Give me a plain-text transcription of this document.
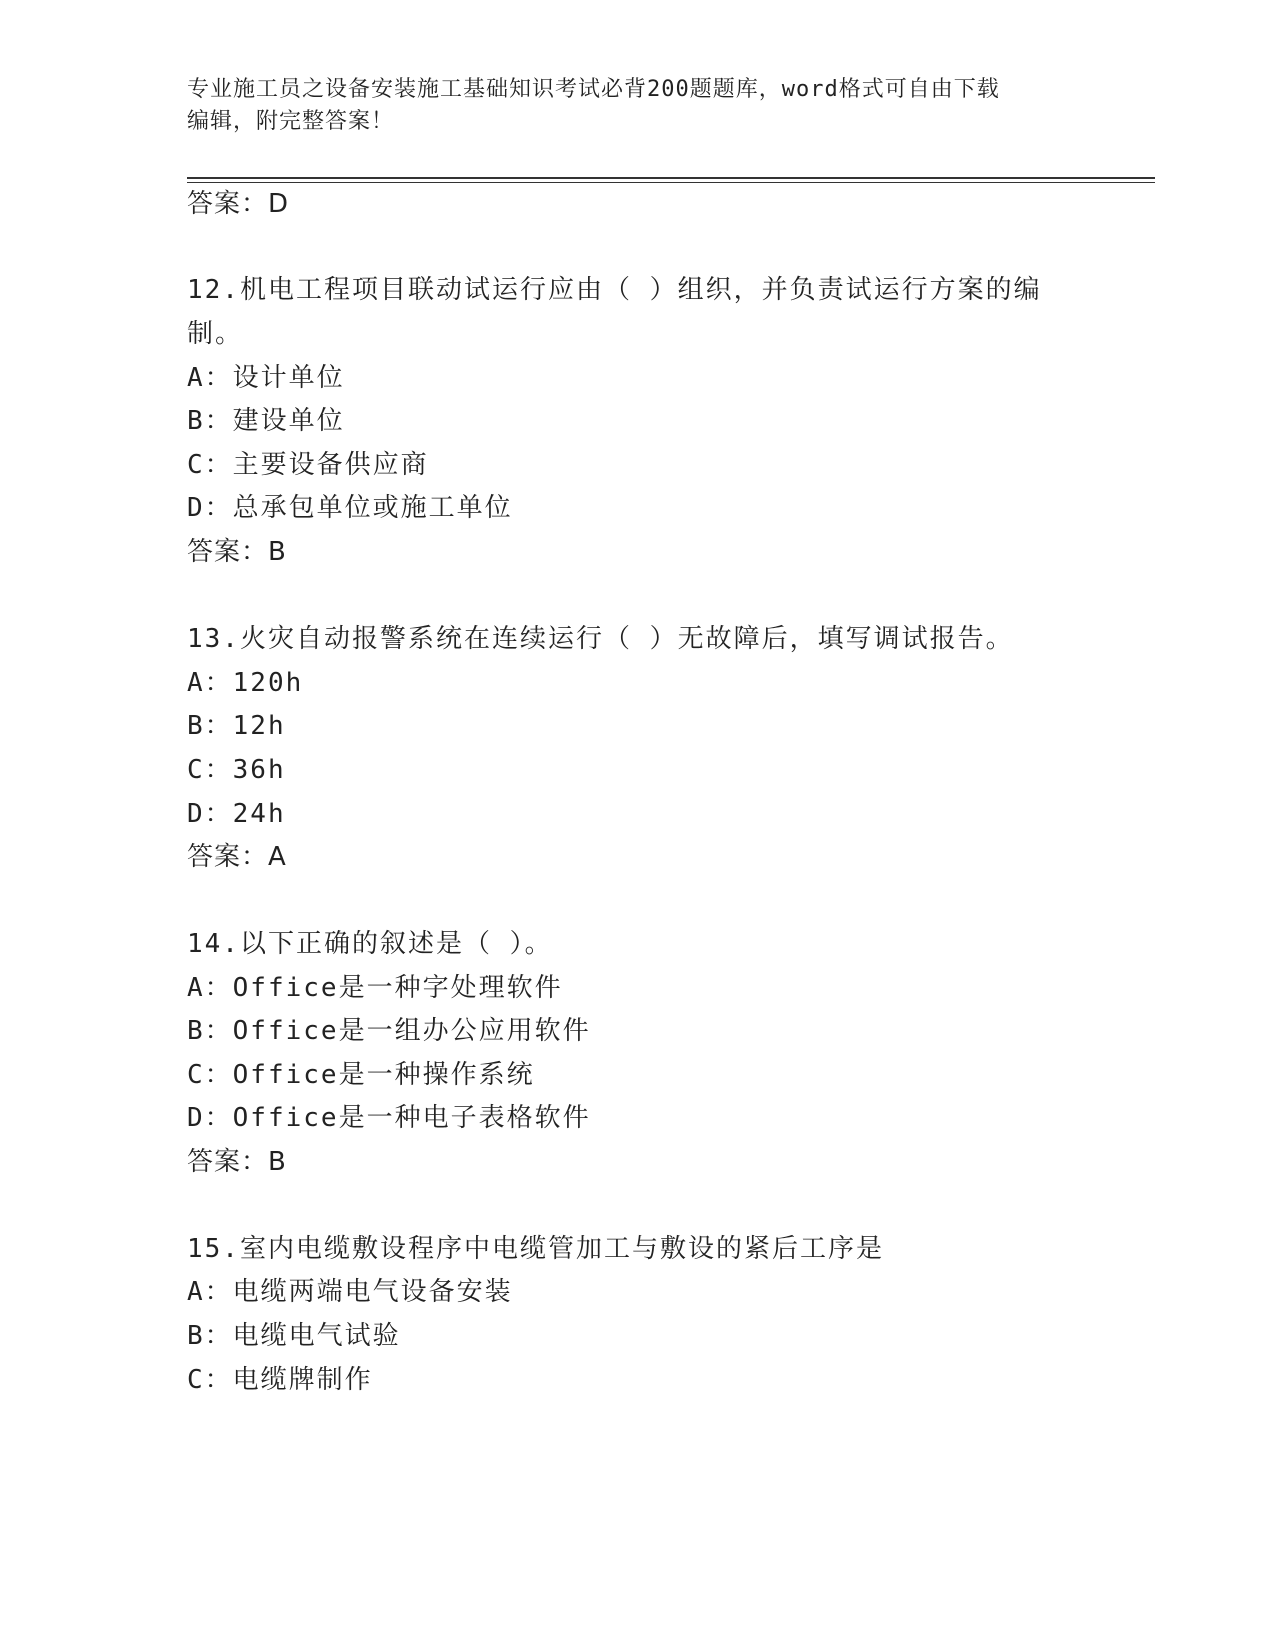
专业施工员之设备安装施工基础知识考试必背200题题库，word格式可自由下载
编辑，附完整答案！
答案：D
12.机电工程项目联动试运行应由（ ）组织，并负责试运行方案的编
制。
A：设计单位
B：建设单位
C：主要设备供应商
D：总承包单位或施工单位
答案：B
13.火灾自动报警系统在连续运行（ ）无故障后，填写调试报告。
A：120h
B：12h
C：36h
D：24h
答案：A
14.以下正确的叙述是（ ）。
A：Office是一种字处理软件
B：Office是一组办公应用软件
C：Office是一种操作系统
D：Office是一种电子表格软件
答案：B
15.室内电缆敷设程序中电缆管加工与敷设的紧后工序是
A：电缆两端电气设备安装
B：电缆电气试验
C：电缆牌制作
